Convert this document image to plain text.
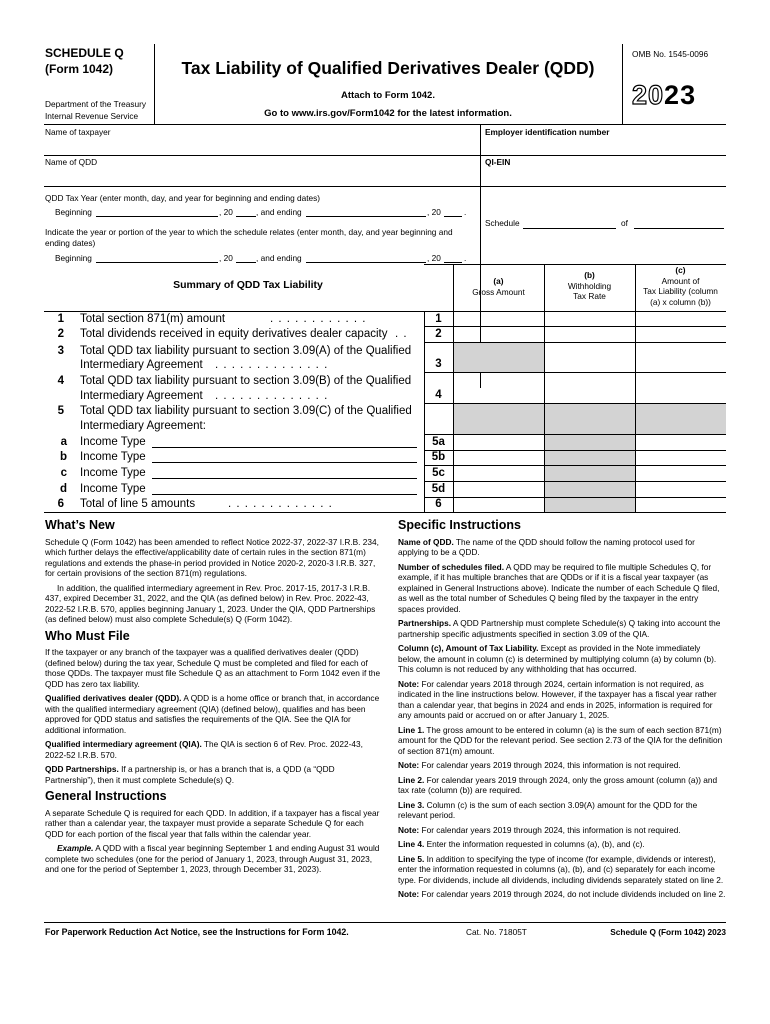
SCHEDULE Q
(Form 1042)
Department of the Treasury
Internal Revenue Service
Tax Liability of Qualified Derivatives Dealer (QDD)
Attach to Form 1042.
Go to www.irs.gov/Form1042 for the latest information.
OMB No. 1545-0096
2023
Name of taxpayer	Employer identification number
Name of QDD	QI-EIN
QDD Tax Year (enter month, day, and year for beginning and ending dates)
Beginning	, 20	, and ending	, 20	.
Schedule	of
Indicate the year or portion of the year to which the schedule relates (enter month, day, and year beginning and ending dates)
Beginning	, 20	, and ending	, 20	.
Summary of QDD Tax Liability	(a)
Gross Amount
(b)
Withholding
Tax Rate
(c)
Amount of
Tax Liability (column
(a) x column (b))
1 Total section 871(m) amount	. . . . . . . . . . . .	1
2 Total dividends received in equity derivatives dealer capacity . .	2
3 Total QDD tax liability pursuant to section 3.09(A) of the Qualified
Intermediary Agreement . . . . . . . . . . . . . .	3
4 Total QDD tax liability pursuant to section 3.09(B) of the Qualified
Intermediary Agreement . . . . . . . . . . . . . .	4
5 Total QDD tax liability pursuant to section 3.09(C) of the Qualified
Intermediary Agreement:
a Income Type	5a
b Income Type	5b
c Income Type	5c
d Income Type	5d
6 Total of line 5 amounts	. . . . . . . . . . . . .	6
What’s New

Schedule Q (Form 1042) has been amended to reflect Notice 2022-37, 2022-37 I.R.B. 234, which further delays the effective/applicability date of certain rules in the section 871(m) regulations and extends the phase-in period provided in Notice 2020-2, 2020-3 I.R.B. 327, for certain provisions of the section 871(m) regulations.

In addition, the qualified intermediary agreement in Rev. Proc. 2017-15, 2017-3 I.R.B. 437, expired December 31, 2022, and the QIA (as defined below) in Rev. Proc. 2022-43, 2022-52 I.R.B. 570, applies beginning January 1, 2023. Under the QIA, QDD Partnerships (as defined below) must also complete Schedule(s) Q (Form 1042).

Who Must File

If the taxpayer or any branch of the taxpayer was a qualified derivatives dealer (QDD) (defined below) during the tax year, Schedule Q must be completed and filed for each of those QDDs. The taxpayer must file Schedule Q as an attachment to Form 1042 even if the QDD has zero tax liability.

Qualified derivatives dealer (QDD). A QDD is a home office or branch that, in accordance with the qualified intermediary agreement (QIA) (defined below), qualifies and has been approved for QDD status and satisfies the requirements of the QIA. See the QIA for additional information.

Qualified intermediary agreement (QIA). The QIA is section 6 of Rev. Proc. 2022-43, 2022-52 I.R.B. 570.

QDD Partnerships. If a partnership is, or has a branch that is, a QDD (a “QDD Partnership”), then it must complete Schedule(s) Q.

General Instructions

A separate Schedule Q is required for each QDD. In addition, if a taxpayer has a fiscal year rather than a calendar year, the taxpayer must provide a separate Schedule Q for each QDD for each portion of the fiscal year that falls within the calendar year.

Example. A QDD with a fiscal year beginning September 1 and ending August 31 would complete two schedules (one for the period of January 1, 2023, through August 31, 2023, and one for the period of September 1, 2023, through December 31, 2023).

Specific Instructions

Name of QDD. The name of the QDD should follow the naming protocol used for applying to be a QDD.

Number of schedules filed. A QDD may be required to file multiple Schedules Q, for example, if it has multiple branches that are QDDs or if it is a fiscal year taxpayer (as explained in General Instructions above). Indicate the number of each Schedule Q filed, as well as the total number of Schedules Q being filed by the taxpayer in the entry spaces provided.

Partnerships. A QDD Partnership must complete Schedule(s) Q taking into account the partnership specific adjustments specified in section 3.09 of the QIA.

Column (c), Amount of Tax Liability. Except as provided in the Note immediately below, the amount in column (c) is determined by multiplying column (a) by column (b). This column is not reduced by any withholding that has occurred.

Note: For calendar years 2018 through 2024, certain information is not required, as indicated in the line instructions below. However, if the taxpayer has a fiscal year rather than a calendar year, that begins in 2024 and ends in 2025, information is required for any amounts paid or accrued on or after January 1, 2025.

Line 1. The gross amount to be entered in column (a) is the sum of each section 871(m) amount for the QDD for the relevant period. See section 2.73 of the QIA for the definition of section 871(m) amount.

Note: For calendar years 2019 through 2024, this information is not required.

Line 2. For calendar years 2019 through 2024, only the gross amount (column (a)) and tax rate (column (b)) are required.

Line 3. Column (c) is the sum of each section 3.09(A) amount for the QDD for the relevant period.

Note: For calendar years 2019 through 2024, this information is not required.

Line 4. Enter the information requested in columns (a), (b), and (c).

Line 5. In addition to specifying the type of income (for example, dividends or interest), enter the information requested in columns (a), (b), and (c) separately for each income type. For dividends, include all dividends, including dividends separately stated on line 2.

Note: For calendar years 2019 through 2024, do not include dividends included on line 2.

For Paperwork Reduction Act Notice, see the Instructions for Form 1042.	Cat. No. 71805T	Schedule Q (Form 1042) 2023
